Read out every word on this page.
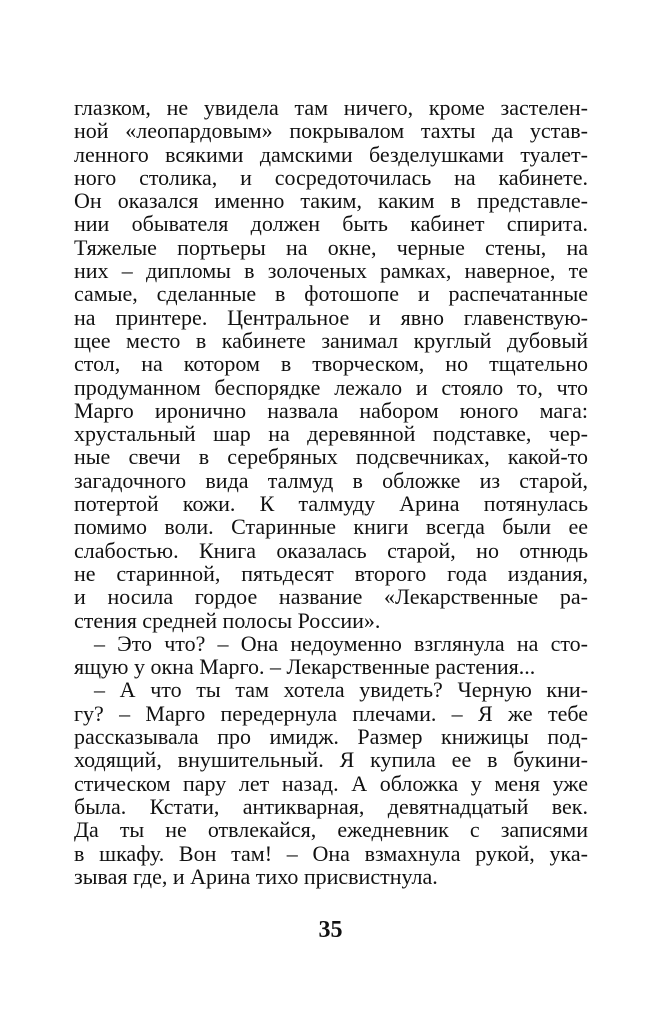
глазком, не увидела там ничего, кроме застелен-
ной «леопардовым» покрывалом тахты да устав-
ленного всякими дамскими безделушками туалет-
ного столика, и сосредоточилась на кабинете.
Он оказался именно таким, каким в представле-
нии обывателя должен быть кабинет спирита.
Тяжелые портьеры на окне, черные стены, на
них – дипломы в золоченых рамках, наверное, те
самые, сделанные в фотошопе и распечатанные
на принтере. Центральное и явно главенствую-
щее место в кабинете занимал круглый дубовый
стол, на котором в творческом, но тщательно
продуманном беспорядке лежало и стояло то, что
Марго иронично назвала набором юного мага:
хрустальный шар на деревянной подставке, чер-
ные свечи в серебряных подсвечниках, какой-то
загадочного вида талмуд в обложке из старой,
потертой кожи. К талмуду Арина потянулась
помимо воли. Старинные книги всегда были ее
слабостью. Книга оказалась старой, но отнюдь
не старинной, пятьдесят второго года издания,
и носила гордое название «Лекарственные ра-
стения средней полосы России».
– Это что? – Она недоуменно взглянула на сто-
ящую у окна Марго. – Лекарственные растения...
– А что ты там хотела увидеть? Черную кни-
гу? – Марго передернула плечами. – Я же тебе
рассказывала про имидж. Размер книжицы под-
ходящий, внушительный. Я купила ее в букини-
стическом пару лет назад. А обложка у меня уже
была. Кстати, антикварная, девятнадцатый век.
Да ты не отвлекайся, ежедневник с записями
в шкафу. Вон там! – Она взмахнула рукой, ука-
зывая где, и Арина тихо присвистнула.
35
